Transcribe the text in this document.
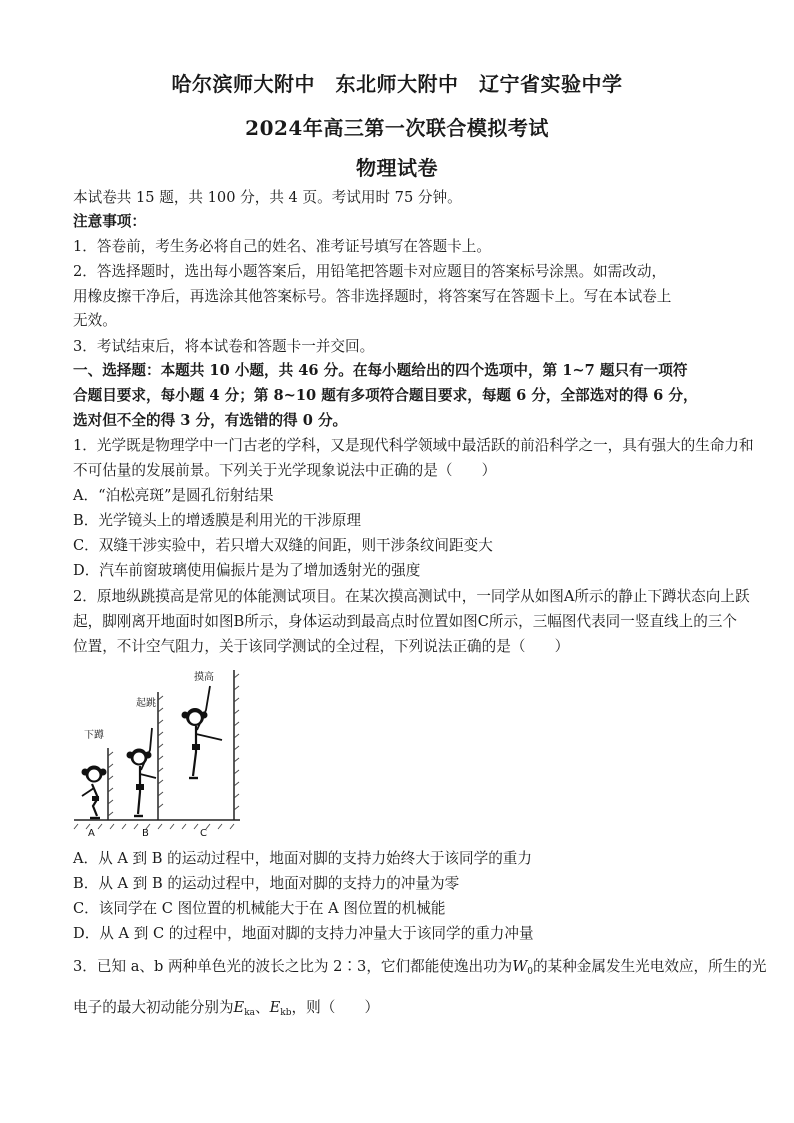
哈尔滨师大附中　东北师大附中　辽宁省实验中学
2024年高三第一次联合模拟考试
物理试卷
本试卷共 15 题，共 100 分，共 4 页。考试用时 75 分钟。
注意事项：
1．答卷前，考生务必将自己的姓名、准考证号填写在答题卡上。
2．答选择题时，选出每小题答案后，用铅笔把答题卡对应题目的答案标号涂黑。如需改动，
用橡皮擦干净后，再选涂其他答案标号。答非选择题时，将答案写在答题卡上。写在本试卷上
无效。
3．考试结束后，将本试卷和答题卡一并交回。
一、选择题：本题共 10 小题，共 46 分。在每小题给出的四个选项中，第 1~7 题只有一项符
合题目要求，每小题 4 分；第 8~10 题有多项符合题目要求，每题 6 分，全部选对的得 6 分，
选对但不全的得 3 分，有选错的得 0 分。
1．光学既是物理学中一门古老的学科，又是现代科学领域中最活跃的前沿科学之一，具有强大的生命力和
不可估量的发展前景。下列关于光学现象说法中正确的是（　　）
A．“泊松亮斑”是圆孔衍射结果
B．光学镜头上的增透膜是利用光的干涉原理
C．双缝干涉实验中，若只增大双缝的间距，则干涉条纹间距变大
D．汽车前窗玻璃使用偏振片是为了增加透射光的强度
2．原地纵跳摸高是常见的体能测试项目。在某次摸高测试中，一同学从如图A所示的静止下蹲状态向上跃
起，脚刚离开地面时如图B所示，身体运动到最高点时位置如图C所示，三幅图代表同一竖直线上的三个
位置，不计空气阻力，关于该同学测试的全过程，下列说法正确的是（　　）
下蹲
起跳
摸高
A	B	C
A．从 A 到 B 的运动过程中，地面对脚的支持力始终大于该同学的重力
B．从 A 到 B 的运动过程中，地面对脚的支持力的冲量为零
C．该同学在 C 图位置的机械能大于在 A 图位置的机械能
D．从 A 到 C 的过程中，地面对脚的支持力冲量大于该同学的重力冲量
3．已知 a、b 两种单色光的波长之比为 2∶3，它们都能使逸出功为$W_0$的某种金属发生光电效应，所生的光
电子的最大初动能分别为$E_{ka}$、$E_{kb}$，则（　　）
